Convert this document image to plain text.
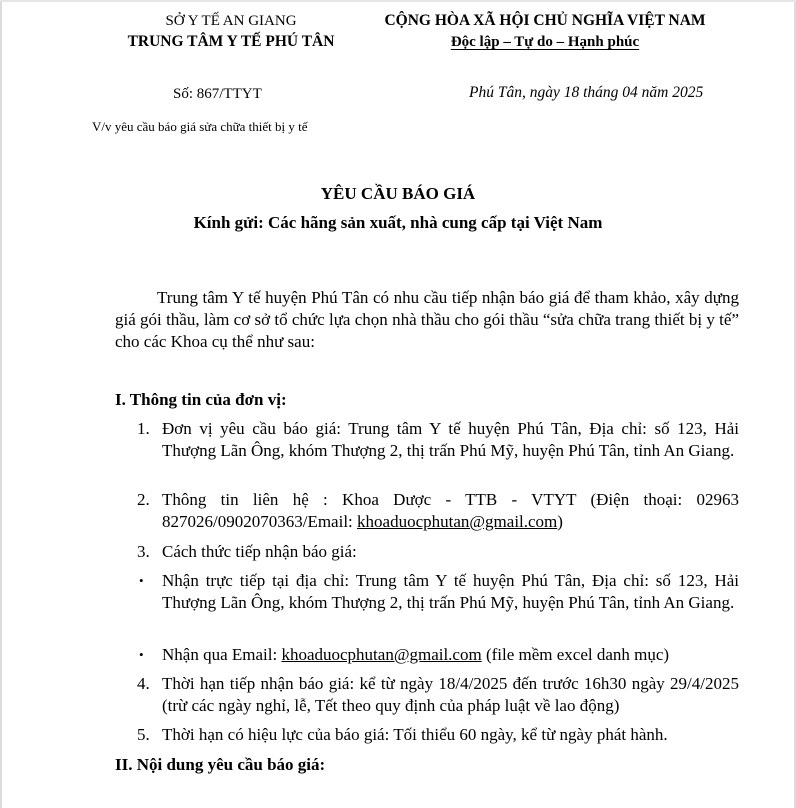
SỞ Y TẾ AN GIANG
TRUNG TÂM Y TẾ PHÚ TÂN
CỘNG HÒA XÃ HỘI CHỦ NGHĨA VIỆT NAM
Độc lập – Tự do – Hạnh phúc
Số: 867/TTYT	Phú Tân, ngày 18 tháng 04 năm 2025
V/v yêu cầu báo giá sửa chữa thiết bị y tế
YÊU CẦU BÁO GIÁ
Kính gửi: Các hãng sản xuất, nhà cung cấp tại Việt Nam
Trung tâm Y tế huyện Phú Tân có nhu cầu tiếp nhận báo giá để tham khảo, xây dựng giá gói thầu, làm cơ sở tổ chức lựa chọn nhà thầu cho gói thầu “sửa chữa trang thiết bị y tế” cho các Khoa cụ thể như sau:
I. Thông tin của đơn vị:
1. Đơn vị yêu cầu báo giá: Trung tâm Y tế huyện Phú Tân, Địa chỉ: số 123, Hải Thượng Lãn Ông, khóm Thượng 2, thị trấn Phú Mỹ, huyện Phú Tân, tỉnh An Giang.
2. Thông tin liên hệ : Khoa Dược - TTB - VTYT (Điện thoại: 02963 827026/0902070363/Email: khoaduocphutan@gmail.com)
3. Cách thức tiếp nhận báo giá:
• Nhận trực tiếp tại địa chỉ: Trung tâm Y tế huyện Phú Tân, Địa chỉ: số 123, Hải Thượng Lãn Ông, khóm Thượng 2, thị trấn Phú Mỹ, huyện Phú Tân, tỉnh An Giang.
• Nhận qua Email: khoaduocphutan@gmail.com (file mềm excel danh mục)
4. Thời hạn tiếp nhận báo giá: kể từ ngày 18/4/2025 đến trước 16h30 ngày 29/4/2025 (trừ các ngày nghỉ, lễ, Tết theo quy định của pháp luật về lao động)
5. Thời hạn có hiệu lực của báo giá: Tối thiểu 60 ngày, kể từ ngày phát hành.
II. Nội dung yêu cầu báo giá:
